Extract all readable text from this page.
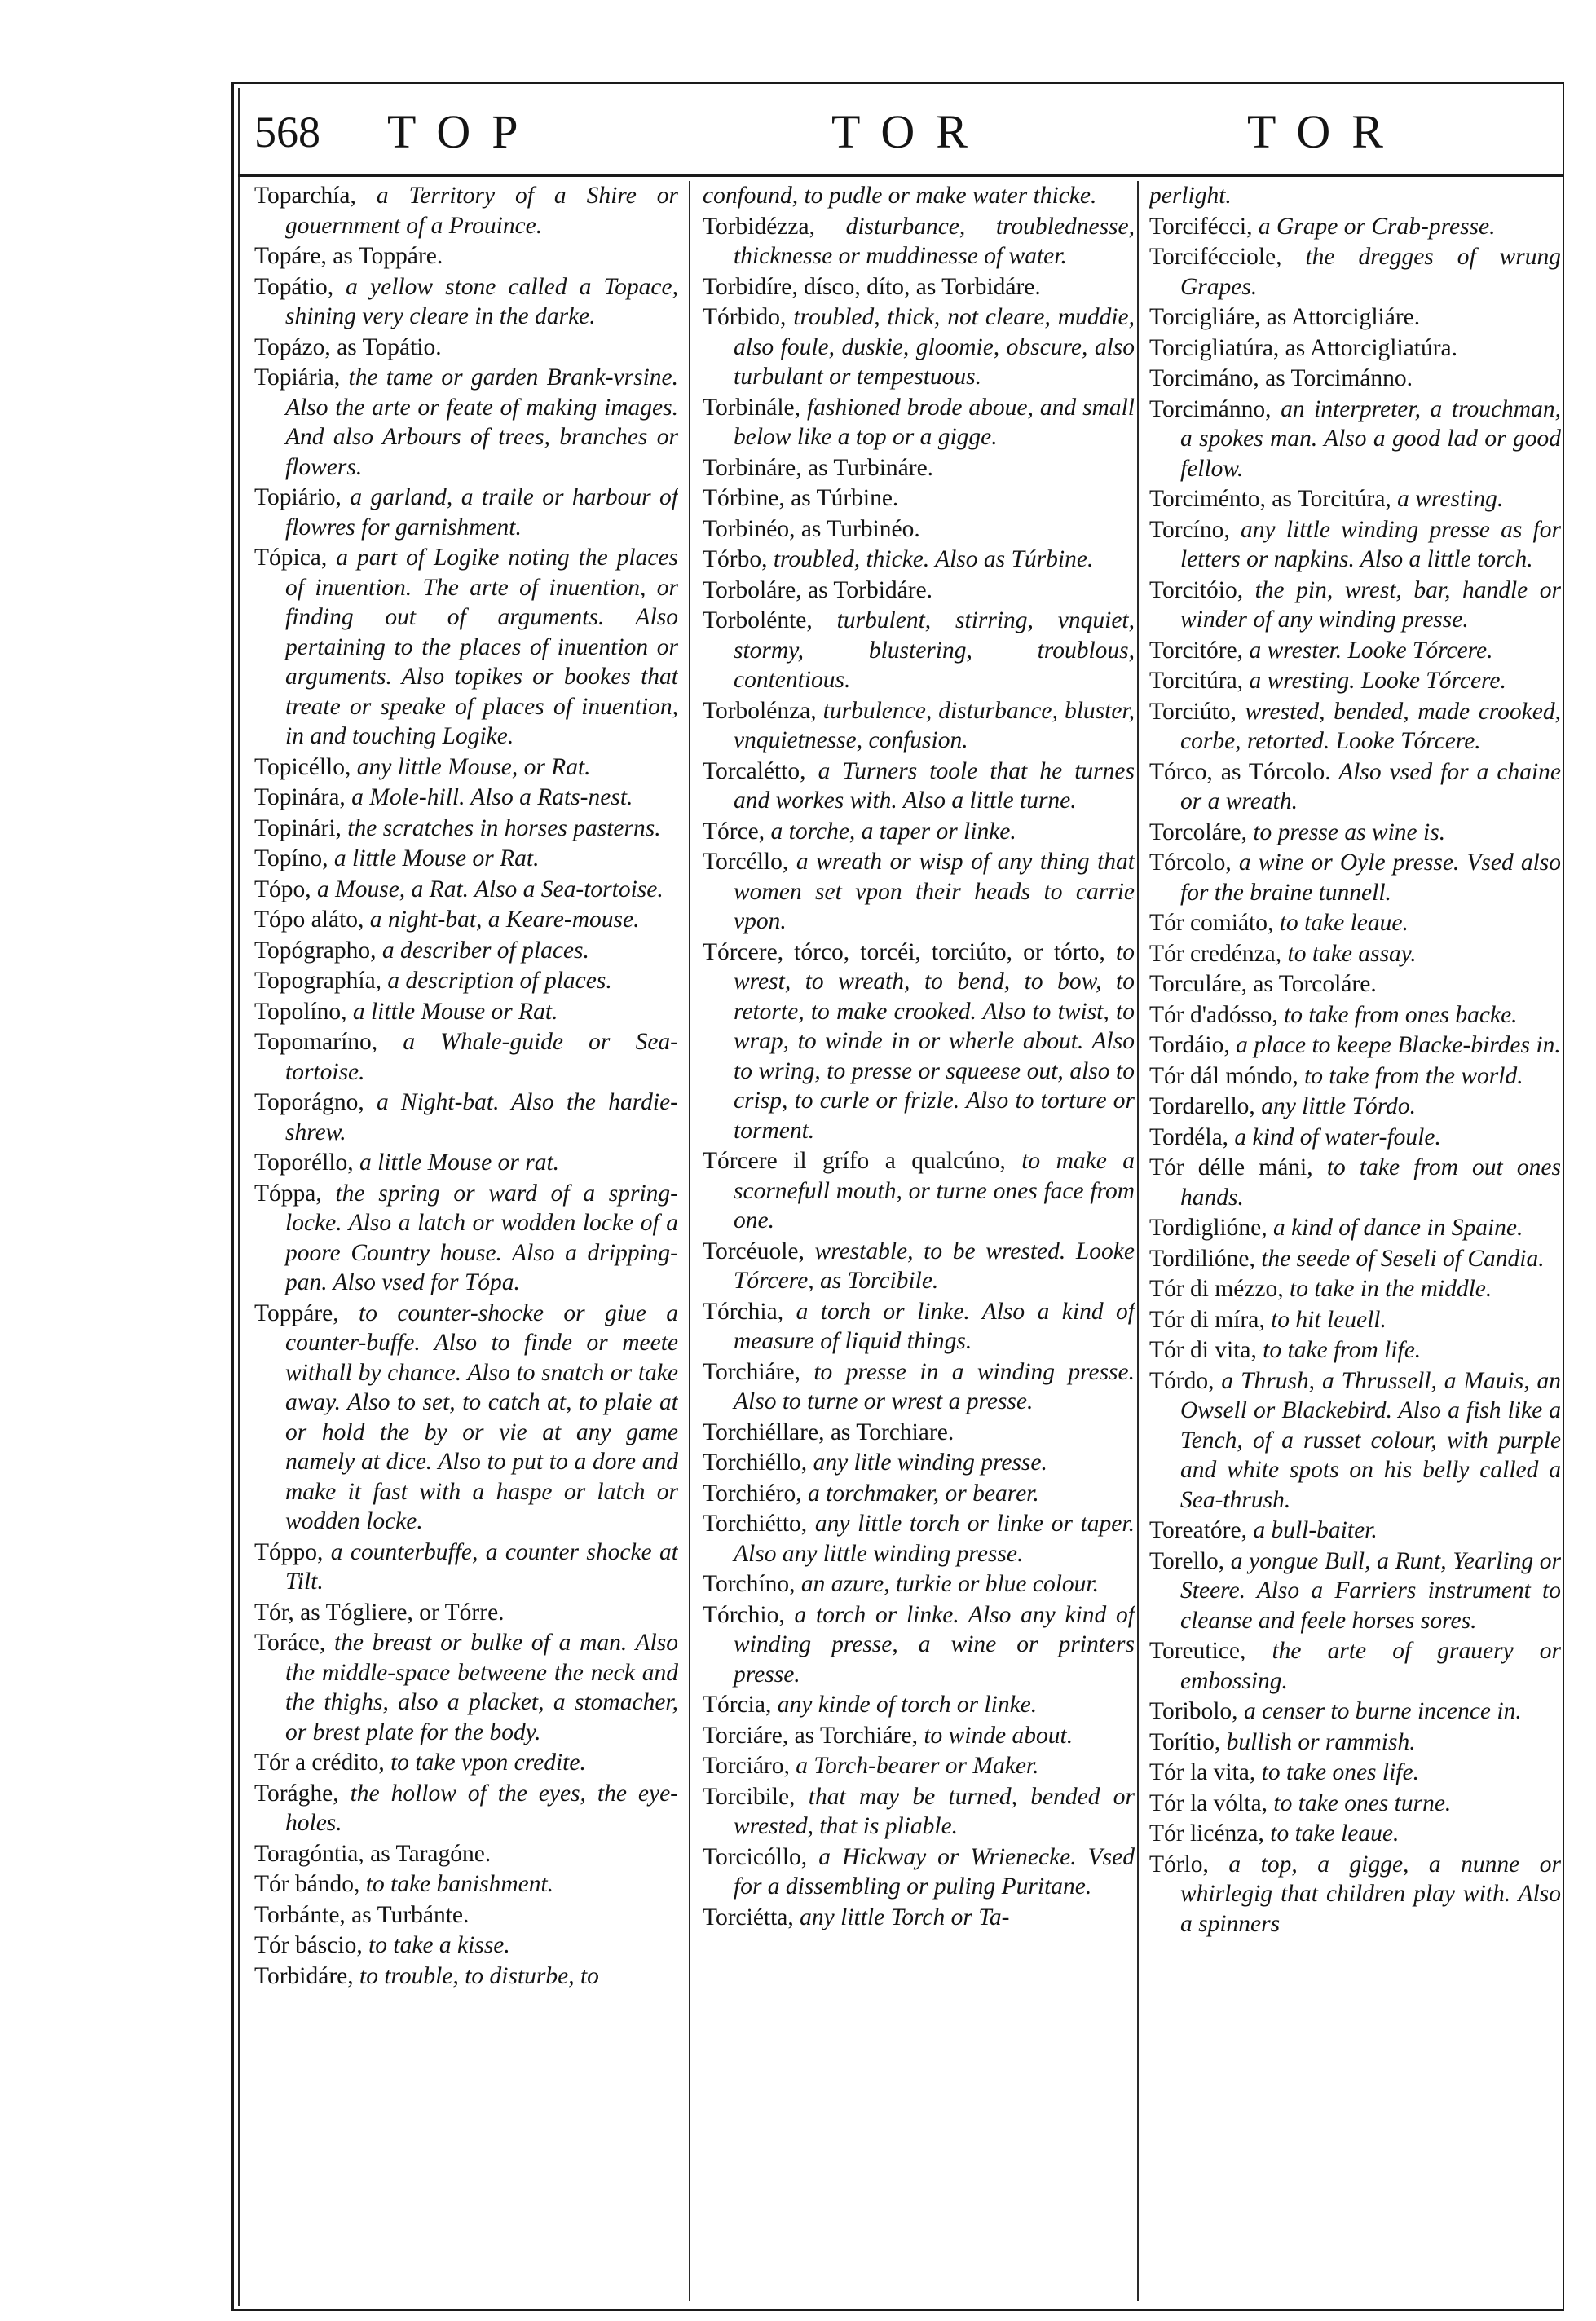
568 TOP	TOR	TOR

Toparchía, a Territory of a Shire or gouernment of a Prouince.

Topáre, as Toppáre.

Topátio, a yellow stone called a Topace, shining very cleare in the darke.

Topázo, as Topátio.

Topiária, the tame or garden Brank-vrsine. Also the arte or feate of making images. And also Arbours of trees, branches or flowers.

Topiário, a garland, a traile or harbour of flowres for garnishment.

Tópica, a part of Logike noting the places of inuention. The arte of inuention, or finding out of arguments. Also pertaining to the places of inuention or arguments. Also topikes or bookes that treate or speake of places of inuention, in and touching Logike.

Topicéllo, any little Mouse, or Rat.

Topinára, a Mole-hill. Also a Rats-nest.

Topinári, the scratches in horses pasterns.

Topíno, a little Mouse or Rat.

Tópo, a Mouse, a Rat. Also a Sea-tortoise.

Tópo aláto, a night-bat, a Keare-mouse.

Topógrapho, a describer of places.

Topographía, a description of places.

Topolíno, a little Mouse or Rat.

Topomaríno, a Whale-guide or Sea-tortoise.

Toporágno, a Night-bat. Also the hardie-shrew.

Toporéllo, a little Mouse or rat.

Tóppa, the spring or ward of a spring-locke. Also a latch or wodden locke of a poore Country house. Also a dripping-pan. Also vsed for Tópa.

Toppáre, to counter-shocke or giue a counter-buffe. Also to finde or meete withall by chance. Also to snatch or take away. Also to set, to catch at, to plaie at or hold the by or vie at any game namely at dice. Also to put to a dore and make it fast with a haspe or latch or wodden locke.

Tóppo, a counterbuffe, a counter shocke at Tilt.

Tór, as Tógliere, or Tórre.

Toráce, the breast or bulke of a man. Also the middle-space betweene the neck and the thighs, also a placket, a stomacher, or brest plate for the body.

Tór a crédito, to take vpon credite.

Torághe, the hollow of the eyes, the eye-holes.

Toragóntia, as Taragóne.

Tór bándo, to take banishment.

Torbánte, as Turbánte.

Tór báscio, to take a kisse.

Torbidáre, to trouble, to disturbe, to

confound, to pudle or make water thicke.

Torbidézza, disturbance, troublednesse, thicknesse or muddinesse of water.

Torbidíre, dísco, díto, as Torbidáre.

Tórbido, troubled, thick, not cleare, muddie, also foule, duskie, gloomie, obscure, also turbulant or tempestuous.

Torbinále, fashioned brode aboue, and small below like a top or a gigge.

Torbináre, as Turbináre.

Tórbine, as Túrbine.

Torbinéo, as Turbinéo.

Tórbo, troubled, thicke. Also as Túrbine.

Torboláre, as Torbidáre.

Torbolénte, turbulent, stirring, vnquiet, stormy, blustering, troublous, contentious.

Torbolénza, turbulence, disturbance, bluster, vnquietnesse, confusion.

Torcalétto, a Turners toole that he turnes and workes with. Also a little turne.

Tórce, a torche, a taper or linke.

Torcéllo, a wreath or wisp of any thing that women set vpon their heads to carrie vpon.

Tórcere, tórco, torcéi, torciúto, or tórto, to wrest, to wreath, to bend, to bow, to retorte, to make crooked. Also to twist, to wrap, to winde in or wherle about. Also to wring, to presse or squeese out, also to crisp, to curle or frizle. Also to torture or torment.

Tórcere il grífo a qualcúno, to make a scornefull mouth, or turne ones face from one.

Torcéuole, wrestable, to be wrested. Looke Tórcere, as Torcibile.

Tórchia, a torch or linke. Also a kind of measure of liquid things.

Torchiáre, to presse in a winding presse. Also to turne or wrest a presse.

Torchiéllare, as Torchiare.

Torchiéllo, any litle winding presse.

Torchiéro, a torchmaker, or bearer.

Torchiétto, any little torch or linke or taper. Also any little winding presse.

Torchíno, an azure, turkie or blue colour.

Tórchio, a torch or linke. Also any kind of winding presse, a wine or printers presse.

Tórcia, any kinde of torch or linke.

Torciáre, as Torchiáre, to winde about.

Torciáro, a Torch-bearer or Maker.

Torcibile, that may be turned, bended or wrested, that is pliable.

Torcicóllo, a Hickway or Wrienecke. Vsed for a dissembling or puling Puritane.

Torciétta, any little Torch or Ta-

perlight.

Torcifécci, a Grape or Crab-presse.

Torcifécciole, the dregges of wrung Grapes.

Torcigliáre, as Attorcigliáre.

Torcigliatúra, as Attorcigliatúra.

Torcimáno, as Torcimánno.

Torcimánno, an interpreter, a trouchman, a spokes man. Also a good lad or good fellow.

Torciménto, as Torcitúra, a wresting.

Torcíno, any little winding presse as for letters or napkins. Also a little torch.

Torcitóio, the pin, wrest, bar, handle or winder of any winding presse.

Torcitóre, a wrester. Looke Tórcere.

Torcitúra, a wresting. Looke Tórcere.

Torciúto, wrested, bended, made crooked, corbe, retorted. Looke Tórcere.

Tórco, as Tórcolo. Also vsed for a chaine or a wreath.

Torcoláre, to presse as wine is.

Tórcolo, a wine or Oyle presse. Vsed also for the braine tunnell.

Tór comiáto, to take leaue.

Tór credénza, to take assay.

Torculáre, as Torcoláre.

Tór d'adósso, to take from ones backe.

Tordáio, a place to keepe Blacke-birdes in.

Tór dál móndo, to take from the world.

Tordarello, any little Tórdo.

Tordéla, a kind of water-foule.

Tór délle máni, to take from out ones hands.

Tordiglióne, a kind of dance in Spaine.

Tordilióne, the seede of Seseli of Candia.

Tór di mézzo, to take in the middle.

Tór di míra, to hit leuell.

Tór di vita, to take from life.

Tórdo, a Thrush, a Thrussell, a Mauis, an Owsell or Blackebird. Also a fish like a Tench, of a russet colour, with purple and white spots on his belly called a Sea-thrush.

Toreatóre, a bull-baiter.

Torello, a yongue Bull, a Runt, Yearling or Steere. Also a Farriers instrument to cleanse and feele horses sores.

Toreutice, the arte of grauery or embossing.

Toribolo, a censer to burne incence in.

Torítio, bullish or rammish.

Tór la vita, to take ones life.

Tór la vólta, to take ones turne.

Tór licénza, to take leaue.

Tórlo, a top, a gigge, a nunne or whirlegig that children play with. Also a spinners
